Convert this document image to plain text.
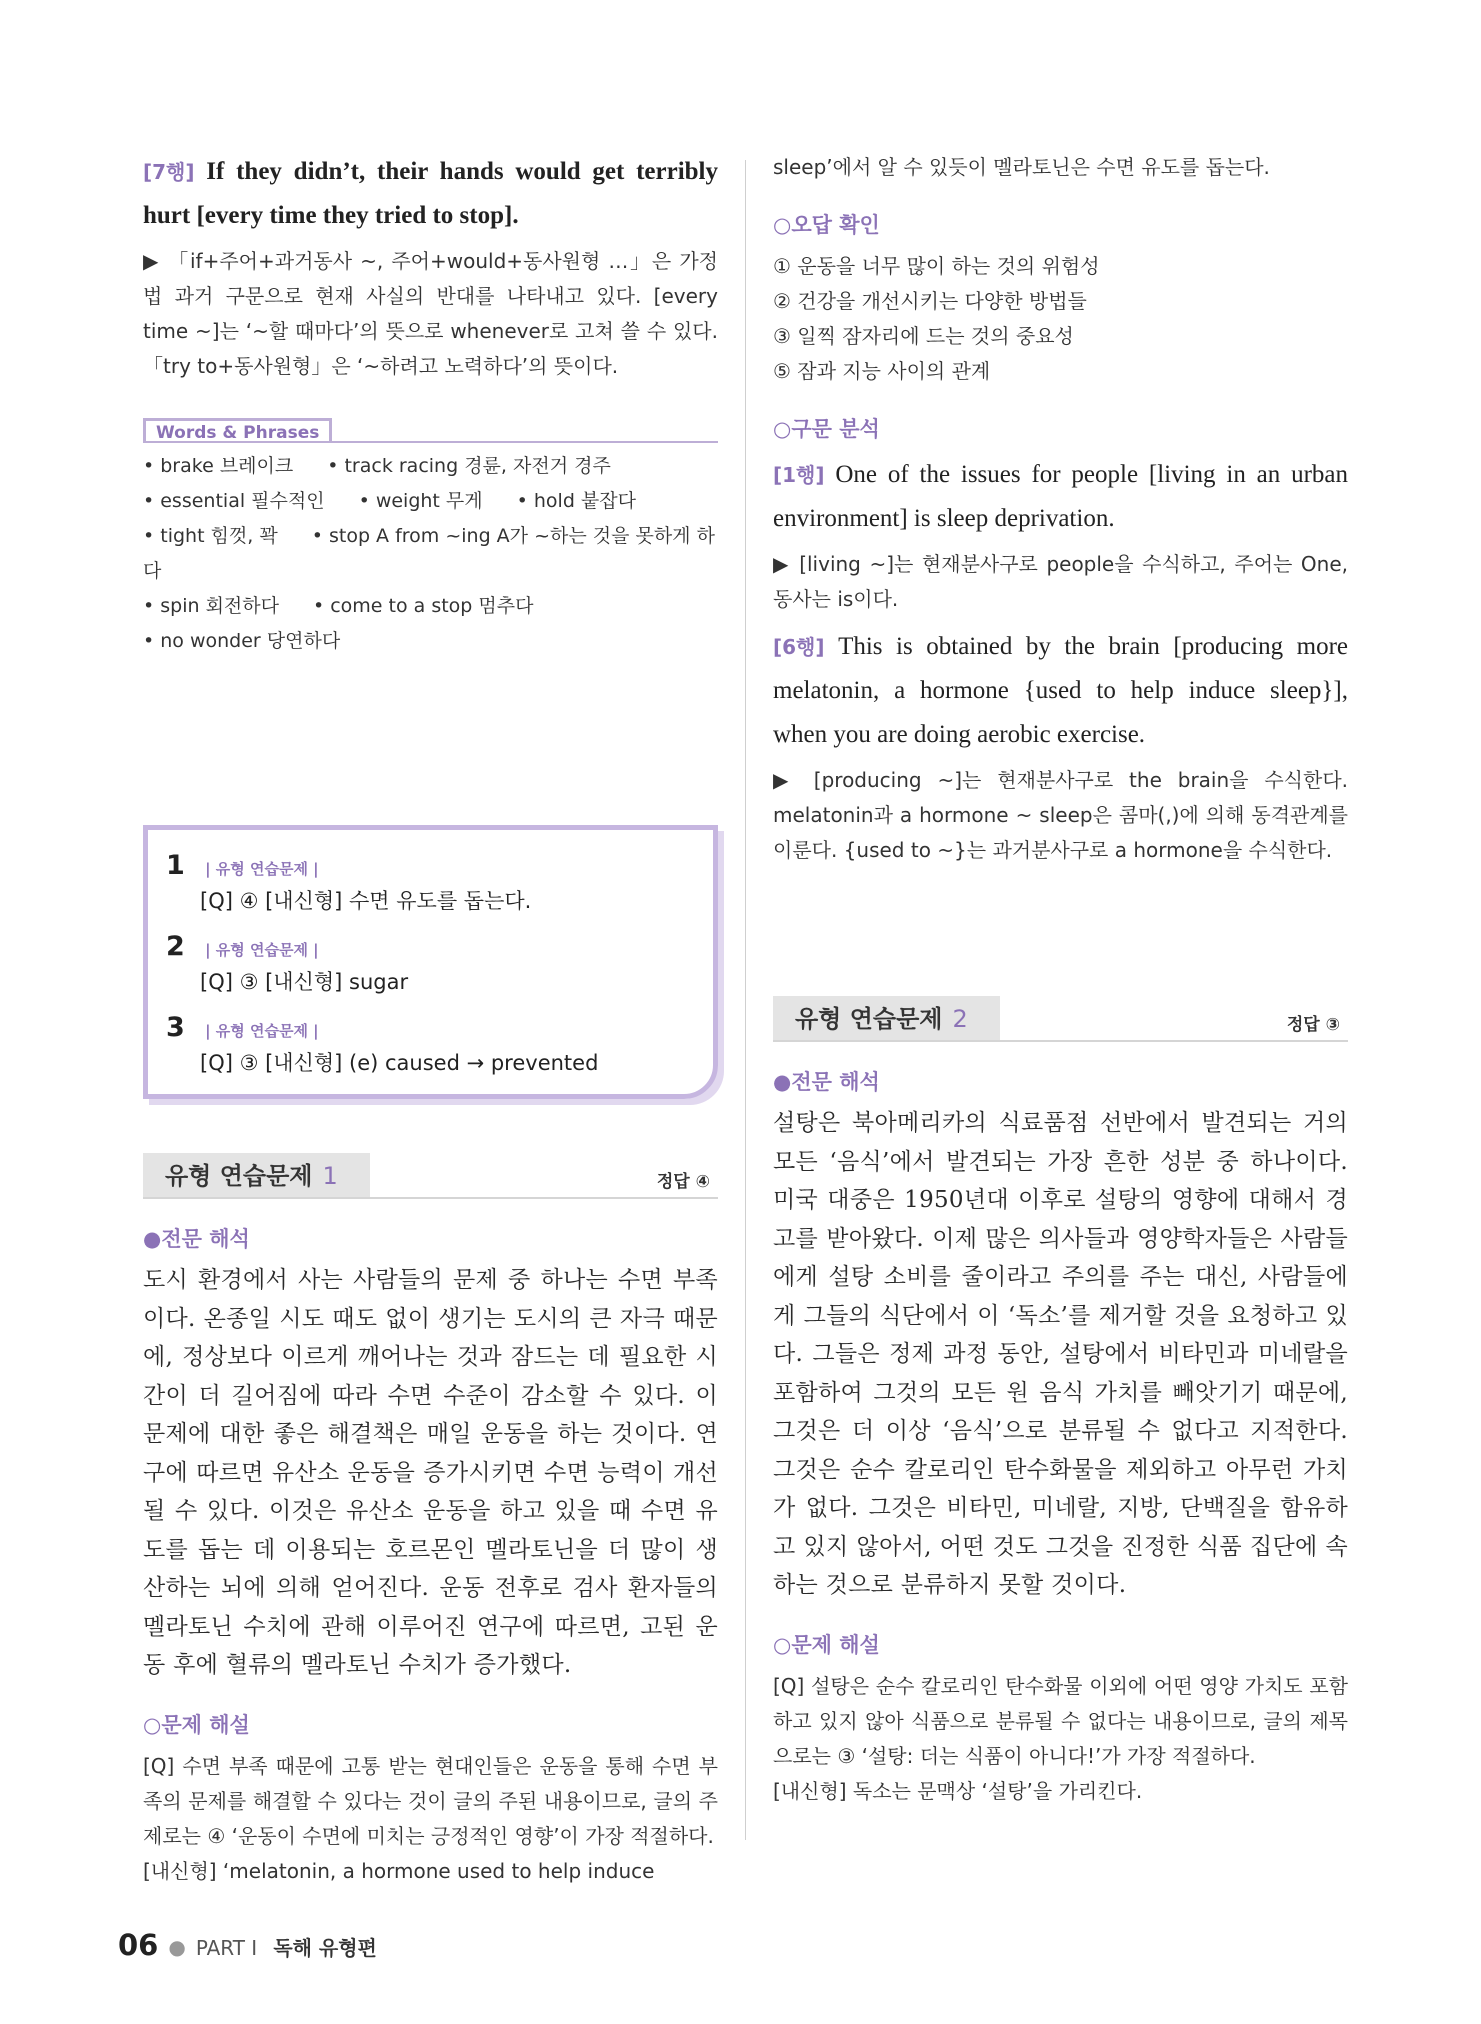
[7행] If they didn’t, their hands would get terribly hurt [every time they tried to stop].
▶ 「if+주어+과거동사 ~, 주어+would+동사원형 …」은 가정법 과거 구문으로 현재 사실의 반대를 나타내고 있다. [every time ~]는 ‘~할 때마다’의 뜻으로 whenever로 고쳐 쓸 수 있다. 「try to+동사원형」은 ‘~하려고 노력하다’의 뜻이다.
Words & Phrases
• brake 브레이크 • track racing 경륜, 자전거 경주
• essential 필수적인 • weight 무게 • hold 붙잡다
• tight 힘껏, 꽉 • stop A from ~ing A가 ~하는 것을 못하게 하다
• spin 회전하다 • come to a stop 멈추다
• no wonder 당연하다
1 | 유형 연습문제 |
[Q] ④ [내신형] 수면 유도를 돕는다.
2 | 유형 연습문제 |
[Q] ③ [내신형] sugar
3 | 유형 연습문제 |
[Q] ③ [내신형] (e) caused → prevented
유형 연습문제 1	정답 ④
●전문 해석
도시 환경에서 사는 사람들의 문제 중 하나는 수면 부족이다. 온종일 시도 때도 없이 생기는 도시의 큰 자극 때문에, 정상보다 이르게 깨어나는 것과 잠드는 데 필요한 시간이 더 길어짐에 따라 수면 수준이 감소할 수 있다. 이 문제에 대한 좋은 해결책은 매일 운동을 하는 것이다. 연구에 따르면 유산소 운동을 증가시키면 수면 능력이 개선될 수 있다. 이것은 유산소 운동을 하고 있을 때 수면 유도를 돕는 데 이용되는 호르몬인 멜라토닌을 더 많이 생산하는 뇌에 의해 얻어진다. 운동 전후로 검사 환자들의 멜라토닌 수치에 관해 이루어진 연구에 따르면, 고된 운동 후에 혈류의 멜라토닌 수치가 증가했다.
○문제 해설
[Q] 수면 부족 때문에 고통 받는 현대인들은 운동을 통해 수면 부족의 문제를 해결할 수 있다는 것이 글의 주된 내용이므로, 글의 주제로는 ④ ‘운동이 수면에 미치는 긍정적인 영향’이 가장 적절하다.
[내신형] ‘melatonin, a hormone used to help induce
sleep’에서 알 수 있듯이 멜라토닌은 수면 유도를 돕는다.
○오답 확인
① 운동을 너무 많이 하는 것의 위험성
② 건강을 개선시키는 다양한 방법들
③ 일찍 잠자리에 드는 것의 중요성
⑤ 잠과 지능 사이의 관계
○구문 분석
[1행] One of the issues for people [living in an urban environment] is sleep deprivation.
▶ [living ~]는 현재분사구로 people을 수식하고, 주어는 One, 동사는 is이다.
[6행] This is obtained by the brain [producing more melatonin, a hormone {used to help induce sleep}], when you are doing aerobic exercise.
▶ [producing ~]는 현재분사구로 the brain을 수식한다. melatonin과 a hormone ~ sleep은 콤마(,)에 의해 동격관계를 이룬다. {used to ~}는 과거분사구로 a hormone을 수식한다.
유형 연습문제 2	정답 ③
●전문 해석
설탕은 북아메리카의 식료품점 선반에서 발견되는 거의 모든 ‘음식’에서 발견되는 가장 흔한 성분 중 하나이다. 미국 대중은 1950년대 이후로 설탕의 영향에 대해서 경고를 받아왔다. 이제 많은 의사들과 영양학자들은 사람들에게 설탕 소비를 줄이라고 주의를 주는 대신, 사람들에게 그들의 식단에서 이 ‘독소’를 제거할 것을 요청하고 있다. 그들은 정제 과정 동안, 설탕에서 비타민과 미네랄을 포함하여 그것의 모든 원 음식 가치를 빼앗기기 때문에, 그것은 더 이상 ‘음식’으로 분류될 수 없다고 지적한다. 그것은 순수 칼로리인 탄수화물을 제외하고 아무런 가치가 없다. 그것은 비타민, 미네랄, 지방, 단백질을 함유하고 있지 않아서, 어떤 것도 그것을 진정한 식품 집단에 속하는 것으로 분류하지 못할 것이다.
○문제 해설
[Q] 설탕은 순수 칼로리인 탄수화물 이외에 어떤 영양 가치도 포함하고 있지 않아 식품으로 분류될 수 없다는 내용이므로, 글의 제목으로는 ③ ‘설탕: 더는 식품이 아니다!’가 가장 적절하다.
[내신형] 독소는 문맥상 ‘설탕’을 가리킨다.
06 ● PART Ⅰ 독해 유형편
